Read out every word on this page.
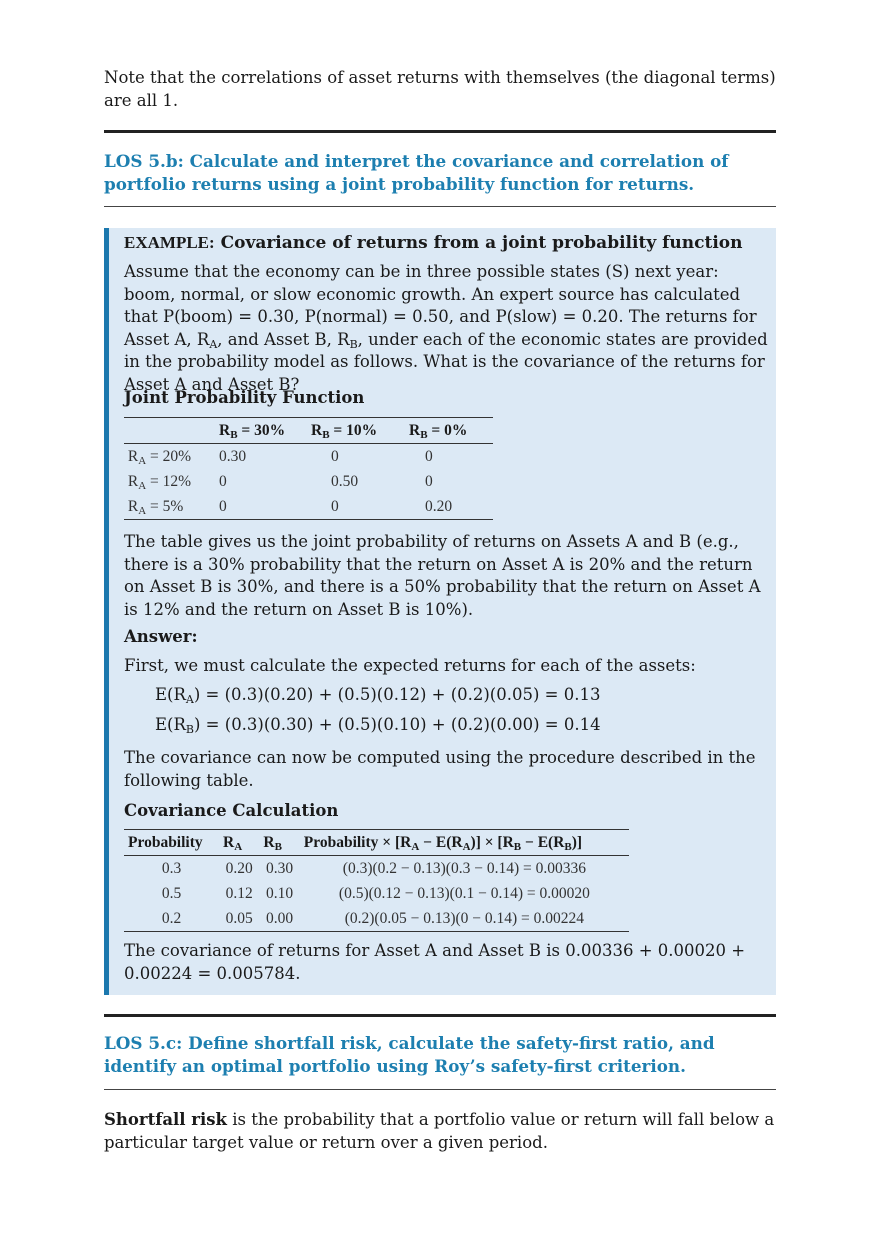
Note that the correlations of asset returns with themselves (the diagonal terms) are all 1.
LOS 5.b: Calculate and interpret the covariance and correlation of portfolio returns using a joint probability function for returns.
EXAMPLE: Covariance of returns from a joint probability function
Assume that the economy can be in three possible states (S) next year: boom, normal, or slow economic growth. An expert source has calculated that P(boom) = 0.30, P(normal) = 0.50, and P(slow) = 0.20. The returns for Asset A, $R_A$, and Asset B, $R_B$, under each of the economic states are provided in the probability model as follows. What is the covariance of the returns for Asset A and Asset B?
Joint Probability Function
	$R_B = 30\%$	$R_B = 10\%$	$R_B = 0\%$
$R_A = 20\%$	0.30	0	0
$R_A = 12\%$	0	0.50	0
$R_A = 5\%$	0	0	0.20
The table gives us the joint probability of returns on Assets A and B (e.g., there is a 30% probability that the return on Asset A is 20% and the return on Asset B is 30%, and there is a 50% probability that the return on Asset A is 12% and the return on Asset B is 10%).
Answer:
First, we must calculate the expected returns for each of the assets:
$E(R_A) = (0.3)(0.20) + (0.5)(0.12) + (0.2)(0.05) = 0.13$
$E(R_B) = (0.3)(0.30) + (0.5)(0.10) + (0.2)(0.00) = 0.14$
The covariance can now be computed using the procedure described in the following table.
Covariance Calculation
Probability	$R_A$	$R_B$	Probability × $[R_A - E(R_A)] \times [R_B - E(R_B)]$
0.3	0.20	0.30	(0.3)(0.2 − 0.13)(0.3 − 0.14) = 0.00336
0.5	0.12	0.10	(0.5)(0.12 − 0.13)(0.1 − 0.14) = 0.00020
0.2	0.05	0.00	(0.2)(0.05 − 0.13)(0 − 0.14) = 0.00224
The covariance of returns for Asset A and Asset B is 0.00336 + 0.00020 + 0.00224 = 0.005784.
LOS 5.c: Define shortfall risk, calculate the safety-first ratio, and identify an optimal portfolio using Roy’s safety-first criterion.
Shortfall risk is the probability that a portfolio value or return will fall below a particular target value or return over a given period.
